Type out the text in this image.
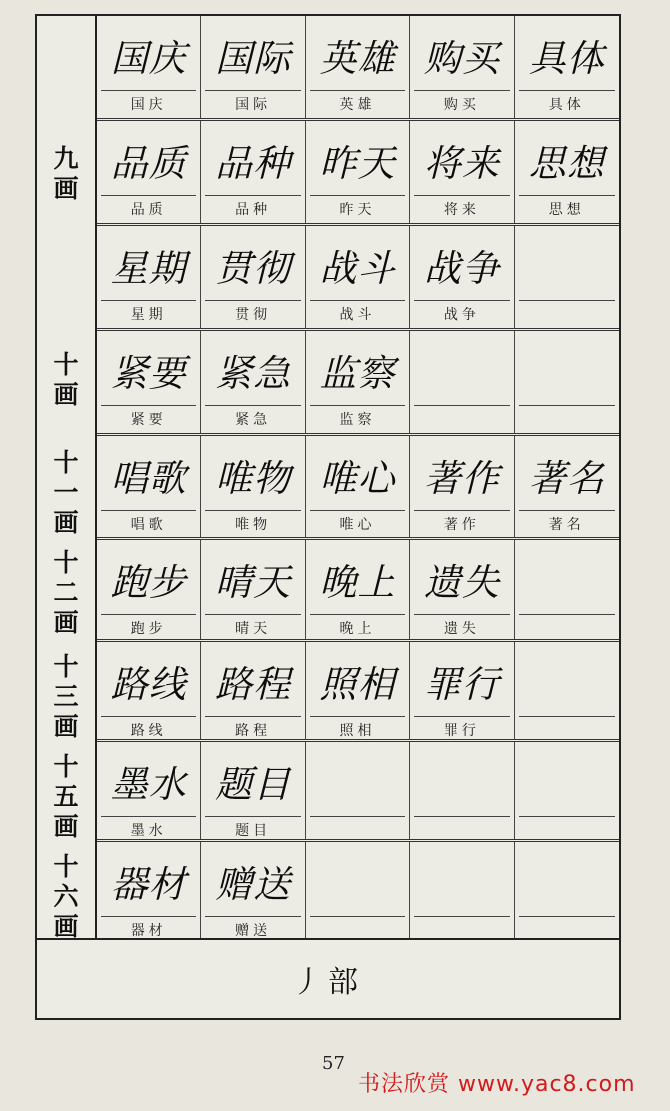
九
画
十
画
十
一
画
十
二
画
十
三
画
十
五
画
十
六
画
国庆
国庆
国际
国际
英雄
英雄
购买
购买
具体
具体
品质
品质
品种
品种
昨天
昨天
将来
将来
思想
思想
星期
星期
贯彻
贯彻
战斗
战斗
战争
战争
紧要
紧要
紧急
紧急
监察
监察
唱歌
唱歌
唯物
唯物
唯心
唯心
著作
著作
著名
著名
跑步
跑步
晴天
晴天
晚上
晚上
遗失
遗失
路线
路线
路程
路程
照相
照相
罪行
罪行
墨水
墨水
题目
题目
器材
器材
赠送
赠送
丿部
57
书法欣赏 www.yac8.com
